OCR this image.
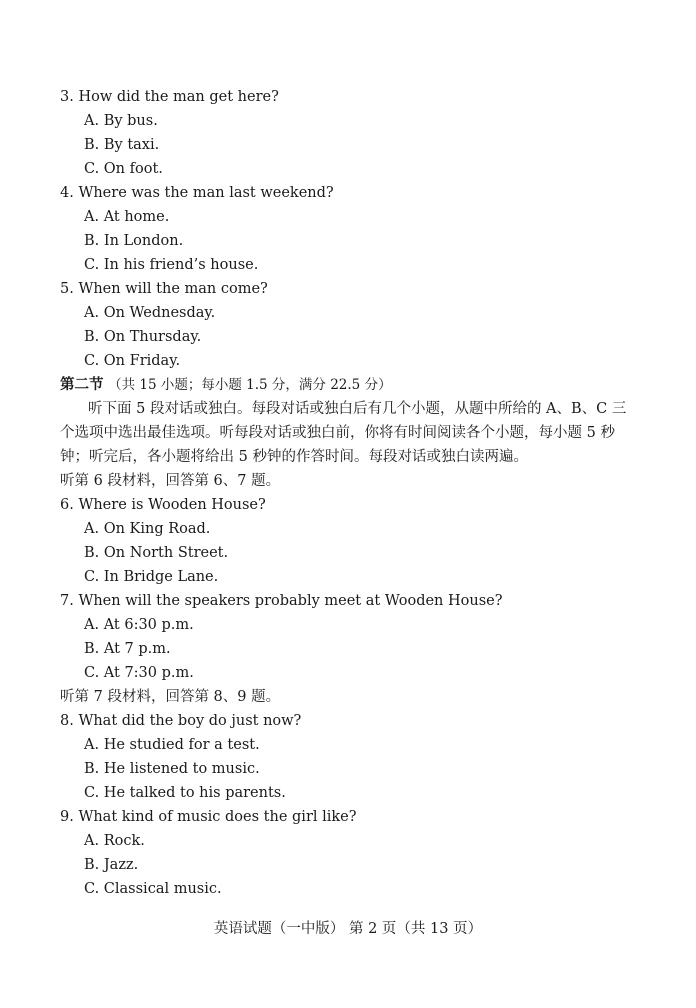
3. How did the man get here?
A. By bus.
B. By taxi.
C. On foot.
4. Where was the man last weekend?
A. At home.
B. In London.
C. In his friend’s house.
5. When will the man come?
A. On Wednesday.
B. On Thursday.
C. On Friday.
第二节 （共 15 小题；每小题 1.5 分，满分 22.5 分）
听下面 5 段对话或独白。每段对话或独白后有几个小题，从题中所给的 A、B、C 三
个选项中选出最佳选项。听每段对话或独白前，你将有时间阅读各个小题，每小题 5 秒
钟；听完后，各小题将给出 5 秒钟的作答时间。每段对话或独白读两遍。
听第 6 段材料，回答第 6、7 题。
6. Where is Wooden House?
A. On King Road.
B. On North Street.
C. In Bridge Lane.
7. When will the speakers probably meet at Wooden House?
A. At 6:30 p.m.
B. At 7 p.m.
C. At 7:30 p.m.
听第 7 段材料，回答第 8、9 题。
8. What did the boy do just now?
A. He studied for a test.
B. He listened to music.
C. He talked to his parents.
9. What kind of music does the girl like?
A. Rock.
B. Jazz.
C. Classical music.
英语试题（一中版） 第 2 页（共 13 页）
